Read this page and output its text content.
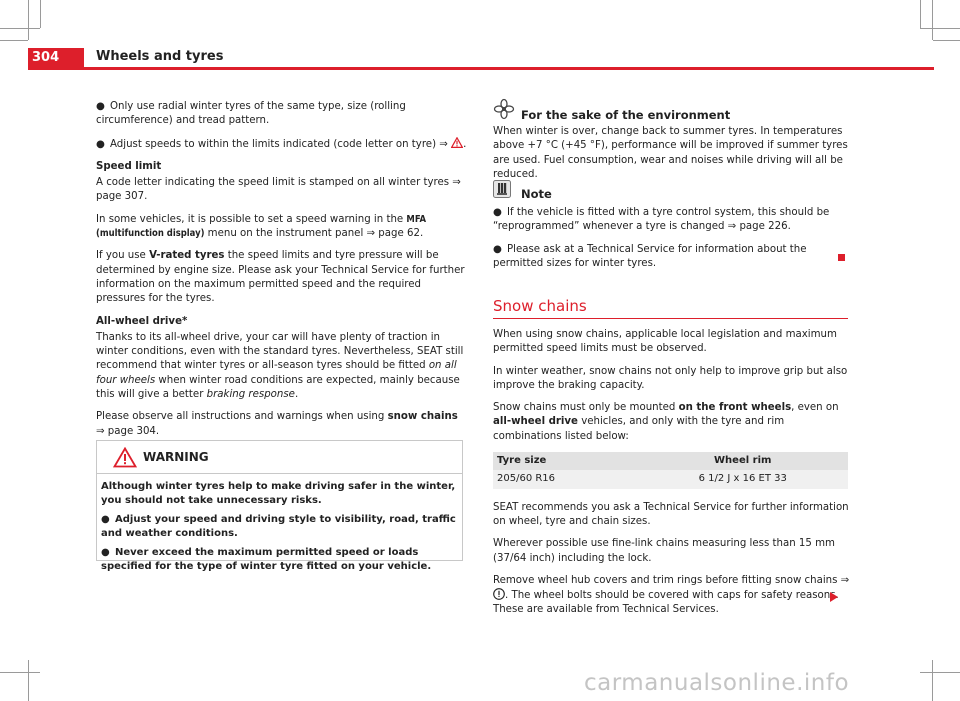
304	Wheels and tyres

● Only use radial winter tyres of the same type, size (rolling circumference) and tread pattern.

● Adjust speeds to within the limits indicated (code letter on tyre) ⇒ .

Speed limit

A code letter indicating the speed limit is stamped on all winter tyres ⇒ page 307.

In some vehicles, it is possible to set a speed warning in the MFA (multifunction display) menu on the instrument panel ⇒ page 62.

If you use V-rated tyres the speed limits and tyre pressure will be determined by engine size. Please ask your Technical Service for further information on the maximum permitted speed and the required pressures for the tyres.

All-wheel drive*

Thanks to its all-wheel drive, your car will have plenty of traction in winter conditions, even with the standard tyres. Nevertheless, SEAT still recommend that winter tyres or all-season tyres should be fitted on all four wheels when winter road conditions are expected, mainly because this will give a better braking response.

Please observe all instructions and warnings when using snow chains ⇒ page 304.

WARNING

Although winter tyres help to make driving safer in the winter, you should not take unnecessary risks.

● Adjust your speed and driving style to visibility, road, traffic and weather conditions.

● Never exceed the maximum permitted speed or loads specified for the type of winter tyre fitted on your vehicle.

For the sake of the environment

When winter is over, change back to summer tyres. In temperatures above +7 °C (+45 °F), performance will be improved if summer tyres are used. Fuel consumption, wear and noises while driving will all be reduced.

Note

● If the vehicle is fitted with a tyre control system, this should be “reprogrammed” whenever a tyre is changed ⇒ page 226.

● Please ask at a Technical Service for information about the permitted sizes for winter tyres.

Snow chains

When using snow chains, applicable local legislation and maximum permitted speed limits must be observed.

In winter weather, snow chains not only help to improve grip but also improve the braking capacity.

Snow chains must only be mounted on the front wheels, even on all-wheel drive vehicles, and only with the tyre and rim combinations listed below:

Tyre size	Wheel rim
205/60 R16	6 1/2 J x 16 ET 33

SEAT recommends you ask a Technical Service for further information on wheel, tyre and chain sizes.

Wherever possible use fine-link chains measuring less than 15 mm (37/64 inch) including the lock.

Remove wheel hub covers and trim rings before fitting snow chains ⇒ . The wheel bolts should be covered with caps for safety reasons. These are available from Technical Services.

carmanualsonline.info
